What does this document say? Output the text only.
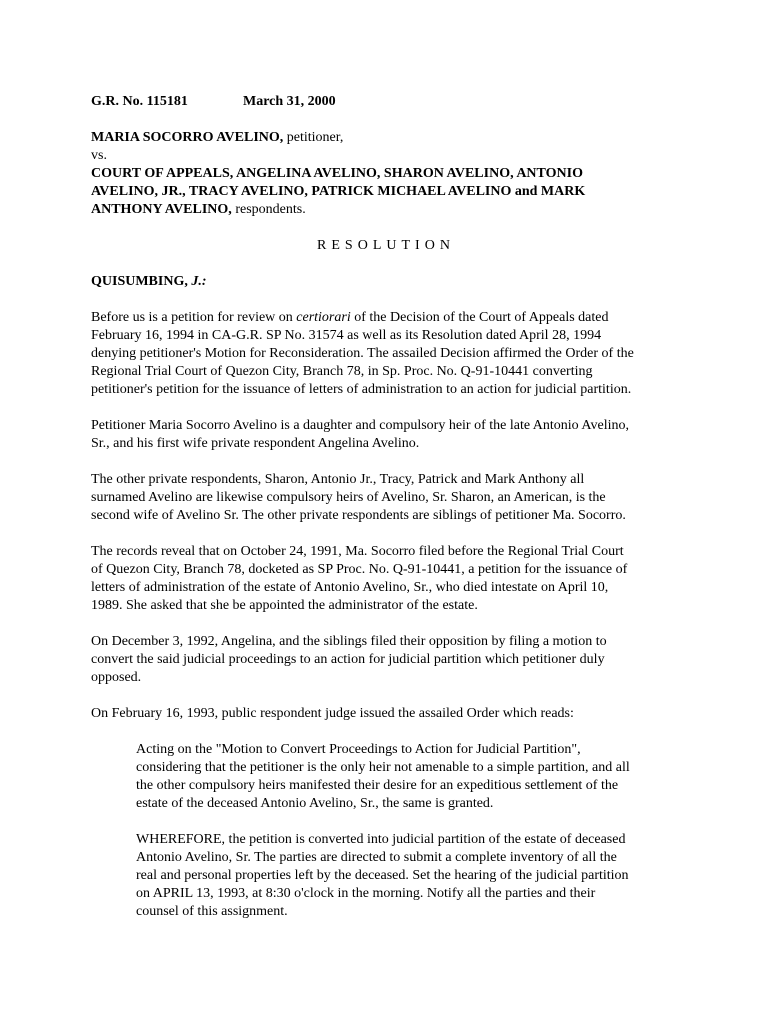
G.R. No. 115181	March 31, 2000
MARIA SOCORRO AVELINO, petitioner,
vs.
COURT OF APPEALS, ANGELINA AVELINO, SHARON AVELINO, ANTONIO
AVELINO, JR., TRACY AVELINO, PATRICK MICHAEL AVELINO and MARK
ANTHONY AVELINO, respondents.
RESOLUTION
QUISUMBING, J.:
Before us is a petition for review on certiorari of the Decision of the Court of Appeals dated
February 16, 1994 in CA-G.R. SP No. 31574 as well as its Resolution dated April 28, 1994
denying petitioner's Motion for Reconsideration. The assailed Decision affirmed the Order of the
Regional Trial Court of Quezon City, Branch 78, in Sp. Proc. No. Q-91-10441 converting
petitioner's petition for the issuance of letters of administration to an action for judicial partition.
Petitioner Maria Socorro Avelino is a daughter and compulsory heir of the late Antonio Avelino,
Sr., and his first wife private respondent Angelina Avelino.
The other private respondents, Sharon, Antonio Jr., Tracy, Patrick and Mark Anthony all
surnamed Avelino are likewise compulsory heirs of Avelino, Sr. Sharon, an American, is the
second wife of Avelino Sr. The other private respondents are siblings of petitioner Ma. Socorro.
The records reveal that on October 24, 1991, Ma. Socorro filed before the Regional Trial Court
of Quezon City, Branch 78, docketed as SP Proc. No. Q-91-10441, a petition for the issuance of
letters of administration of the estate of Antonio Avelino, Sr., who died intestate on April 10,
1989. She asked that she be appointed the administrator of the estate.
On December 3, 1992, Angelina, and the siblings filed their opposition by filing a motion to
convert the said judicial proceedings to an action for judicial partition which petitioner duly
opposed.
On February 16, 1993, public respondent judge issued the assailed Order which reads:
Acting on the "Motion to Convert Proceedings to Action for Judicial Partition",
considering that the petitioner is the only heir not amenable to a simple partition, and all
the other compulsory heirs manifested their desire for an expeditious settlement of the
estate of the deceased Antonio Avelino, Sr., the same is granted.
WHEREFORE, the petition is converted into judicial partition of the estate of deceased
Antonio Avelino, Sr. The parties are directed to submit a complete inventory of all the
real and personal properties left by the deceased. Set the hearing of the judicial partition
on APRIL 13, 1993, at 8:30 o'clock in the morning. Notify all the parties and their
counsel of this assignment.
